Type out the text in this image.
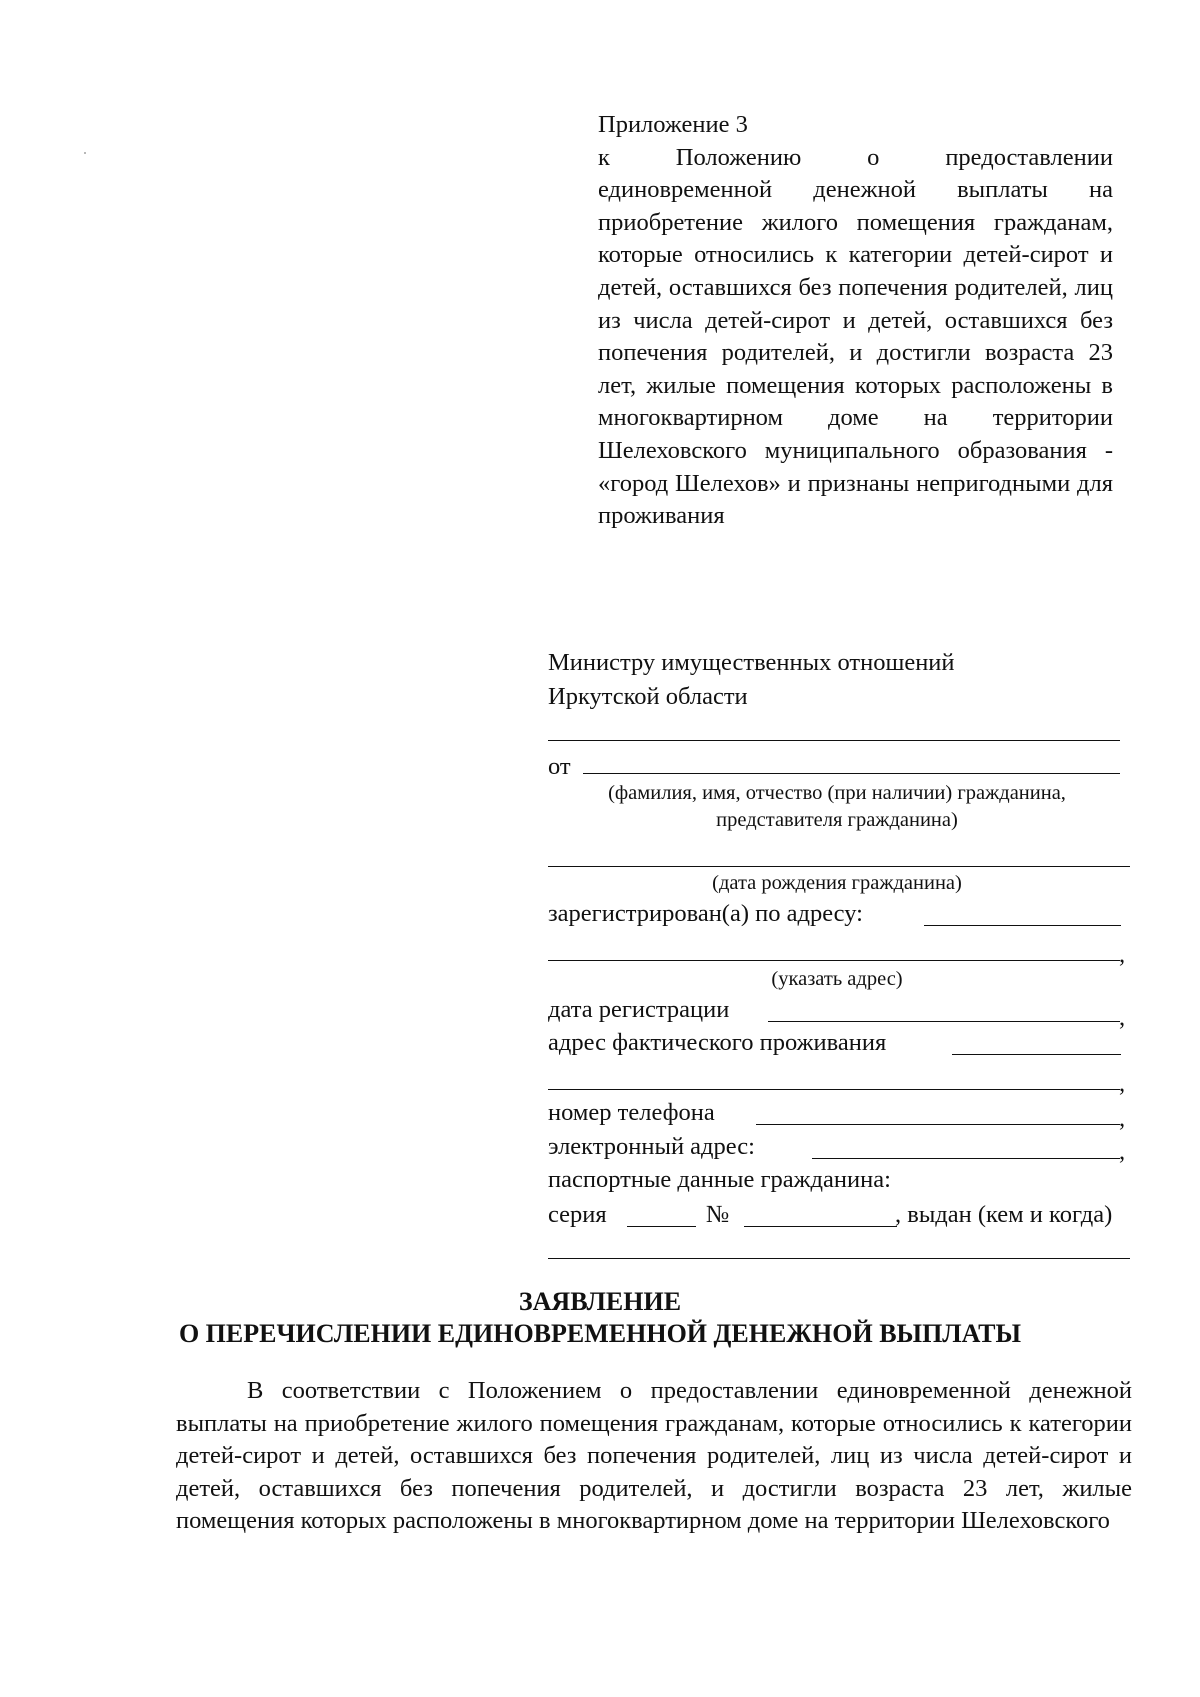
Приложение 3
к Положению о предоставлении единовременной денежной выплаты на приобретение жилого помещения гражданам, которые относились к категории детей-сирот и детей, оставшихся без попечения родителей, лиц из числа детей-сирот и детей, оставшихся без попечения родителей, и достигли возраста 23 лет, жилые помещения которых расположены в многоквартирном доме на территории Шелеховского муниципального образования - «город Шелехов» и признаны непригодными для проживания
Министру имущественных отношений
Иркутской области
от
(фамилия, имя, отчество (при наличии) гражданина,
представителя гражданина)
(дата рождения гражданина)
зарегистрирован(а) по адресу:
,
(указать адрес)
дата регистрации	,
адрес фактического проживания
,
номер телефона	,
электронный адрес:	,
паспортные данные гражданина:
серия	№	, выдан (кем и когда)
ЗАЯВЛЕНИЕ
О ПЕРЕЧИСЛЕНИИ ЕДИНОВРЕМЕННОЙ ДЕНЕЖНОЙ ВЫПЛАТЫ
В соответствии с Положением о предоставлении единовременной денежной выплаты на приобретение жилого помещения гражданам, которые относились к категории детей-сирот и детей, оставшихся без попечения родителей, лиц из числа детей-сирот и детей, оставшихся без попечения родителей, и достигли возраста 23 лет, жилые помещения которых расположены в многоквартирном доме на территории Шелеховского
